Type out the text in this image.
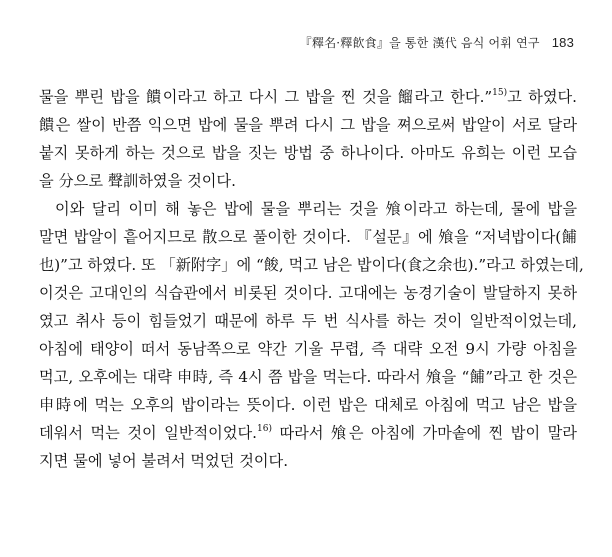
『釋名·釋飮食』을 통한 漢代 음식 어휘 연구 183
물을 뿌린 밥을 饋이라고 하고 다시 그 밥을 찐 것을 餾라고 한다.”$^{15)}$고 하였다.
饋은 쌀이 반쯤 익으면 밥에 물을 뿌려 다시 그 밥을 쪄으로써 밥알이 서로 달라
붙지 못하게 하는 것으로 밥을 짓는 방법 중 하나이다. 아마도 유희는 이런 모습
을 分으로 聲訓하였을 것이다.
이와 달리 이미 해 놓은 밥에 물을 뿌리는 것을 飧이라고 하는데, 물에 밥을
말면 밥알이 흩어지므로 散으로 풀이한 것이다. 『설문』에 飧을 “저녁밥이다(餔
也)”고 하였다. 또 「新附字」에 “餕, 먹고 남은 밥이다(食之余也).”라고 하였는데,
이것은 고대인의 식습관에서 비롯된 것이다. 고대에는 농경기술이 발달하지 못하
였고 취사 등이 힘들었기 때문에 하루 두 번 식사를 하는 것이 일반적이었는데,
아침에 태양이 떠서 동남쪽으로 약간 기울 무렵, 즉 대략 오전 9시 가량 아침을
먹고, 오후에는 대략 申時, 즉 4시 쯤 밥을 먹는다. 따라서 飧을 “餔”라고 한 것은
申時에 먹는 오후의 밥이라는 뜻이다. 이런 밥은 대체로 아침에 먹고 남은 밥을
데워서 먹는 것이 일반적이었다.$^{16)}$ 따라서 飧은 아침에 가마솥에 찐 밥이 말라
지면 물에 넣어 불려서 먹었던 것이다.
